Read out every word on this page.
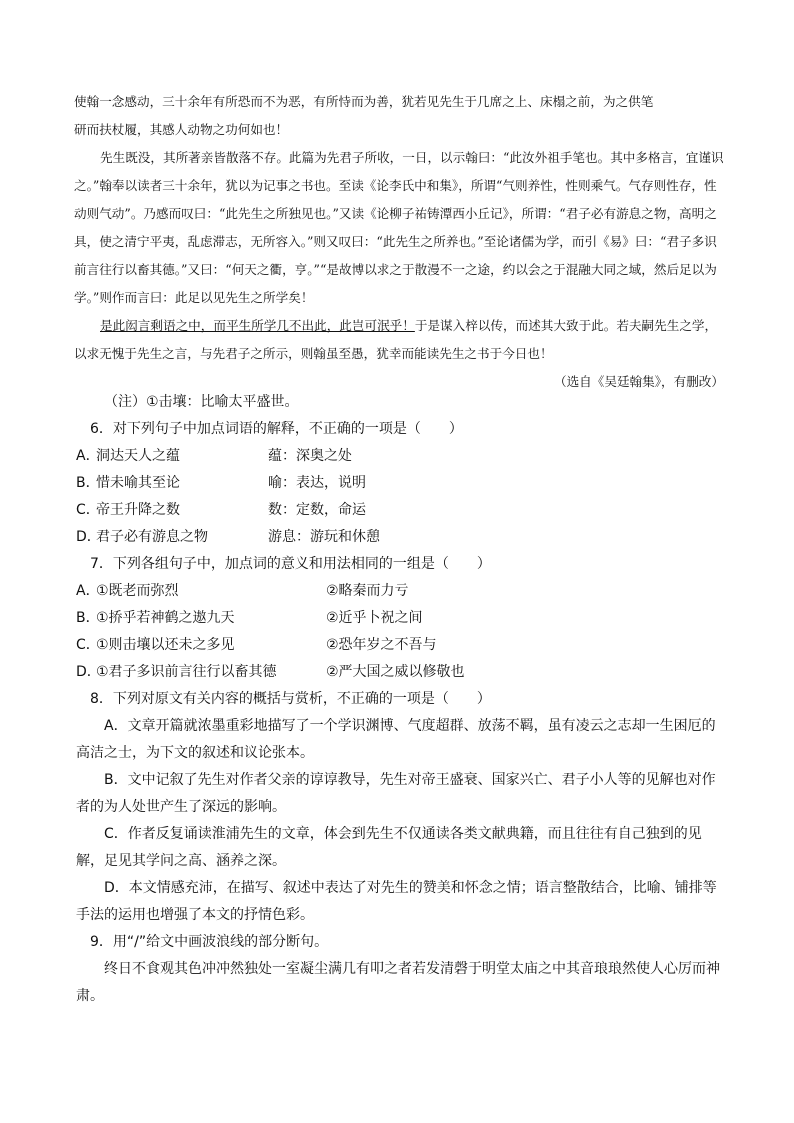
使翰一念感动，三十余年有所恐而不为恶，有所恃而为善，犹若见先生于几席之上、床榻之前，为之供笔

研而扶杖履，其感人动物之功何如也！

先生既没，其所著亲皆散落不存。此篇为先君子所收，一日，以示翰曰：“此汝外祖手笔也。其中多格言，宜谨识之。”翰奉以读者三十余年，犹以为记事之书也。至读《论李氏中和集》，所谓“气则养性，性则乘气。气存则性存，性动则气动”。乃感而叹曰：“此先生之所独见也。”又读《论柳子祐铸潭西小丘记》，所谓：“君子必有游息之物，高明之具，使之清宁平夷，乱虑滞志，无所容入。”则又叹曰：“此先生之所养也。”至论诸儒为学，而引《易》曰：“君子多识前言往行以畜其德。”又曰：“何天之衢，亨。”“是故博以求之于散漫不一之途，约以会之于混融大同之域，然后足以为学。”则作而言曰：此足以见先生之所学矣！

是此闳言剩语之中，而平生所学几不出此，此岂可泯乎！于是谋入梓以传，而述其大致于此。若夫嗣先生之学，以求无愧于先生之言，与先君子之所示，则翰虽至愚，犹幸而能读先生之书于今日也！

（选自《吴廷翰集》，有删改）

（注）①击壤：比喻太平盛世。
6．对下列句子中加点词语的解释，不正确的一项是（　　）
A．
洞达天人之蕴	蕴：深奥之处
B．
惜未喻其至论	喻：表达，说明
C．
帝王升降之数	数：定数，命运
D．
君子必有游息之物	游息：游玩和休憩
7．下列各组句子中，加点词的意义和用法相同的一组是（　　）
A．
①既老而弥烈	②略秦而力亏
B．
①挢乎若神鹤之遨九天	②近乎卜祝之间
C．
①则击壤以还未之多见	②恐年岁之不吾与
D．
①君子多识前言往行以畜其德	②严大国之威以修敬也
8．下列对原文有关内容的概括与赏析，不正确的一项是（　　）
A．文章开篇就浓墨重彩地描写了一个学识渊博、气度超群、放荡不羁，虽有凌云之志却一生困厄的高洁之士，为下文的叙述和议论张本。
B．文中记叙了先生对作者父亲的谆谆教导，先生对帝王盛衰、国家兴亡、君子小人等的见解也对作者的为人处世产生了深远的影响。
C．作者反复诵读淮浦先生的文章，体会到先生不仅通读各类文献典籍，而且往往有自己独到的见解，足见其学问之高、涵养之深。
D．本文情感充沛，在描写、叙述中表达了对先生的赞美和怀念之情；语言整散结合，比喻、铺排等手法的运用也增强了本文的抒情色彩。
9．用“/”给文中画波浪线的部分断句。
终日不食观其色冲冲然独处一室凝尘满几有叩之者若发清磬于明堂太庙之中其音琅琅然使人心厉而神肃。
